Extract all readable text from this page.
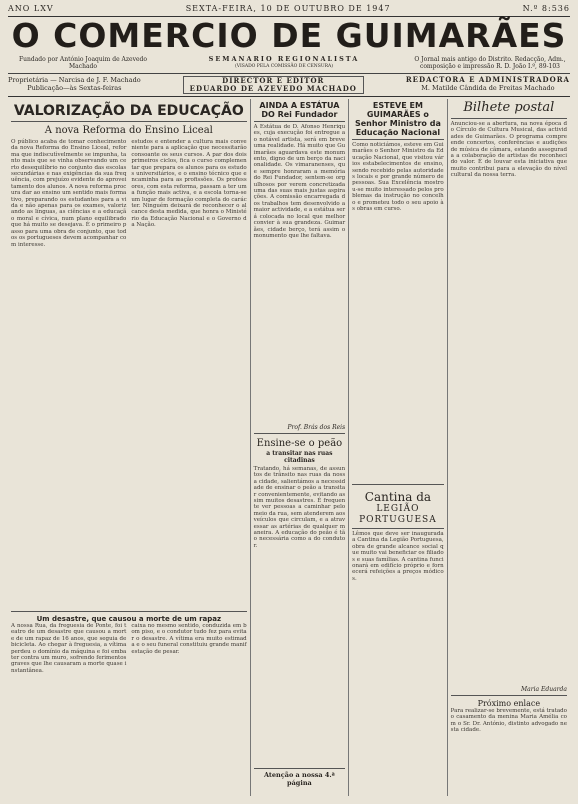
ANO LXV	SEXTA-FEIRA, 10 DE OUTUBRO DE 1947	N.º 8:536
O COMERCIO DE GUIMARÃES
Fundado por António Joaquim de Azevedo Machado
SEMANARIO REGIONALISTA
(VISADO PELA COMISSÃO DE CENSURA)
O Jornal mais antigo do Distrito. Redacção, Adm., composição e impressão R. D. João I.º, 89-103
Proprietária — Narcisa de J. F. Machado
Publicação—às Sextas-feiras
DIRECTOR E EDITOR
EDUARDO DE AZEVEDO MACHADO
REDACTORA E ADMINISTRADORA
M. Matilde Cândida de Freitas Machado
VALORIZAÇÃO DA EDUCAÇÃO
A nova Reforma do Ensino Liceal
O público acaba de tomar conhecimento da nova Reforma do Ensino Liceal, reforma que indiscutìvelmente se impunha, tanto mais que se vinha observando um certo desequilíbrio no conjunto das escolas secundárias e nas exigências da sua frequência, com prejuízo evidente do aproveitamento dos alunos. A nova reforma procura dar ao ensino um sentido mais formativo, preparando os estudantes para a vida e não apenas para os exames, valorizando as línguas, as ciências e a educação moral e cívica, num plano equilibrado que há muito se desejava. É o primeiro passo para uma obra de conjunto, que todos os portugueses devem acompanhar com interesse.
estudos e entender a cultura mais conveniente para a aplicação que necessitarão consoante os seus cursos. A par dos dois primeiros ciclos, fica o curso complementar que prepara os alunos para os estudos universitários, e o ensino técnico que encaminha para as profissões. Os professores, com esta reforma, passam a ter uma função mais activa, e a escola torna-se um lugar de formação completa do carácter. Ninguém deixará de reconhecer o alcance desta medida, que honra o Ministério da Educação Nacional e o Governo da Nação.
Um desastre, que causou a morte de um rapaz
A nossa Rua, da freguesia de Ponte, foi teatro de um desastre que causou a morte de um rapaz de 16 anos, que seguia de bicicleta. Ao chegar à freguesia, a vítima perdeu o domínio da máquina e foi embater contra um muro, sofrendo ferimentos graves que lhe causaram a morte quase instantânea.
caixa no mesmo sentido, conduzida em bom piso, e o condutor tudo fez para evitar o desastre. A vítima era muito estimada e o seu funeral constituiu grande manifestação de pesar.
AINDA A ESTÁTUA DO Rei Fundador
A Estátua de D. Afonso Henriques, cuja execução foi entregue ao notável artista, será em breve uma realidade. Há muito que Guimarães aguardava este monumento, digno de um berço da nacionalidade. Os vimaranenses, que sempre honraram a memória do Rei Fundador, sentem-se orgulhosos por verem concretizada uma das suas mais justas aspirações. A comissão encarregada dos trabalhos tem desenvolvido a maior actividade, e a estátua será colocada no local que melhor convier à sua grandeza. Guimarães, cidade berço, terá assim o monumento que lhe faltava.
Prof. Brás dos Reis
Ensine-se o peão
a transitar nas ruas citadinas
Tratando, há semanas, de assuntos de trânsito nas ruas da nossa cidade, salientámos a necessidade de ensinar o peão a transitar convenientemente, evitando assim muitos desastres. É frequente ver pessoas a caminhar pelo meio da rua, sem atenderem aos veículos que circulam, e a atravessar as artérias de qualquer maneira. A educação do peão é tão necessária como a do condutor.
Atenção a nossa 4.ª página
ESTEVE EM GUIMARÃES o Senhor Ministro da Educação Nacional
Como noticiámos, esteve em Guimarães o Senhor Ministro da Educação Nacional, que visitou vários estabelecimentos de ensino, sendo recebido pelas autoridades locais e por grande número de pessoas. Sua Excelência mostrou-se muito interessado pelos problemas da instrução no concelho e prometeu todo o seu apoio às obras em curso.
Cantina da
LEGIÃO PORTUGUESA
Lêmos que deve ser inaugurada a Cantina da Legião Portuguesa, obra de grande alcance social que muito vai beneficiar os filiados e suas famílias. A cantina funcionará em edifício próprio e fornecerá refeições a preços módicos.
Bilhete postal
Anunciou-se a abertura, na nova época do Círculo de Cultura Musical, das actividades de Guimarães. O programa compreende concertos, conferências e audições de música de câmara, estando assegurada a colaboração de artistas de reconhecido valor. É de louvar esta iniciativa que muito contribui para a elevação do nível cultural da nossa terra.
Maria Eduarda
Próximo enlace
Para realizar-se brevemente, está tratado o casamento da menina Maria Amélia com o Sr. Dr. António, distinto advogado nesta cidade.
